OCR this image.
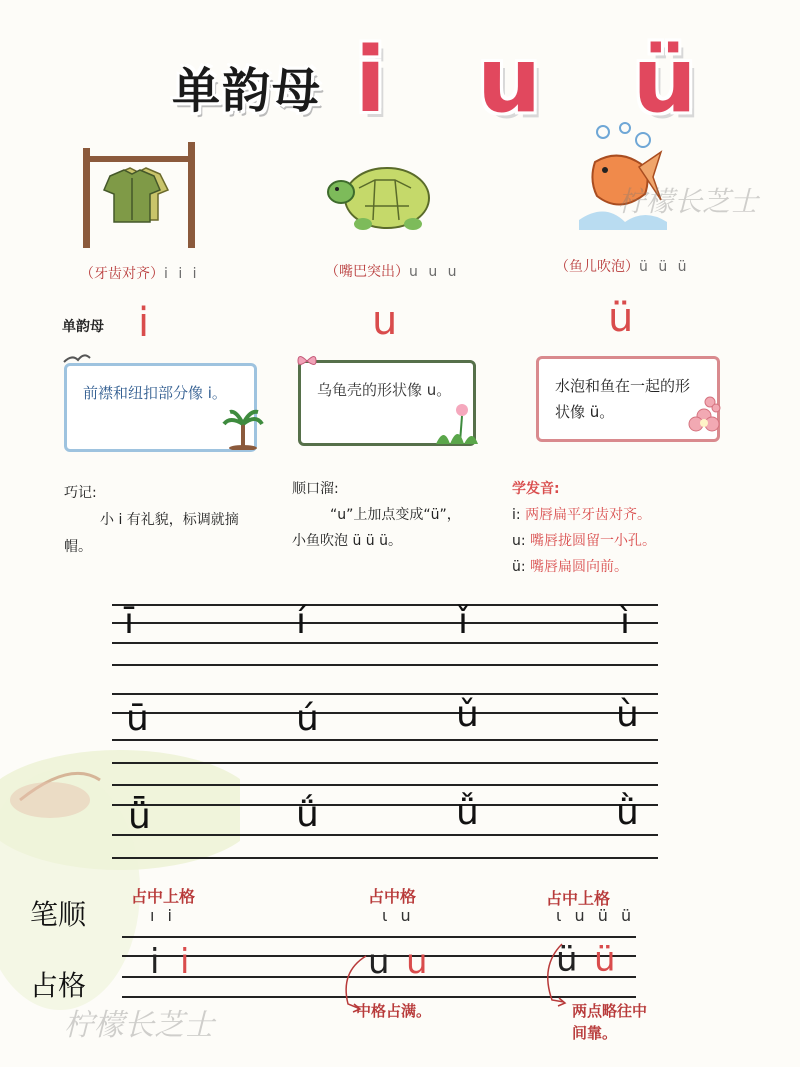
单韵母 i u ü
（牙齿对齐）i i i	（嘴巴突出）u u u	（鱼儿吹泡）ü ü ü
单韵母 i	u	ü
前襟和纽扣部分像 i。	乌龟壳的形状像 u。	水泡和鱼在一起的形状像 ü。
巧记:
小 i 有礼貌，标调就摘帽。
顺口溜:
“u”上加点变成“ü”，
小鱼吹泡 ü ü ü。
学发音:
i: 两唇扁平牙齿对齐。
u: 嘴唇拢圆留一小孔。
ü: 嘴唇扁圆向前。
ī	í	ǐ	ì
ū	ú	ǔ	ù
ǖ	ǘ	ǚ	ǜ
笔顺
占格
占中上格
ı i
占中格
ι u
占中上格
ι u ü ü
i i	u u	ü ü
中格占满。	两点略往中间靠。
柠檬长芝士
柠檬长芝士
